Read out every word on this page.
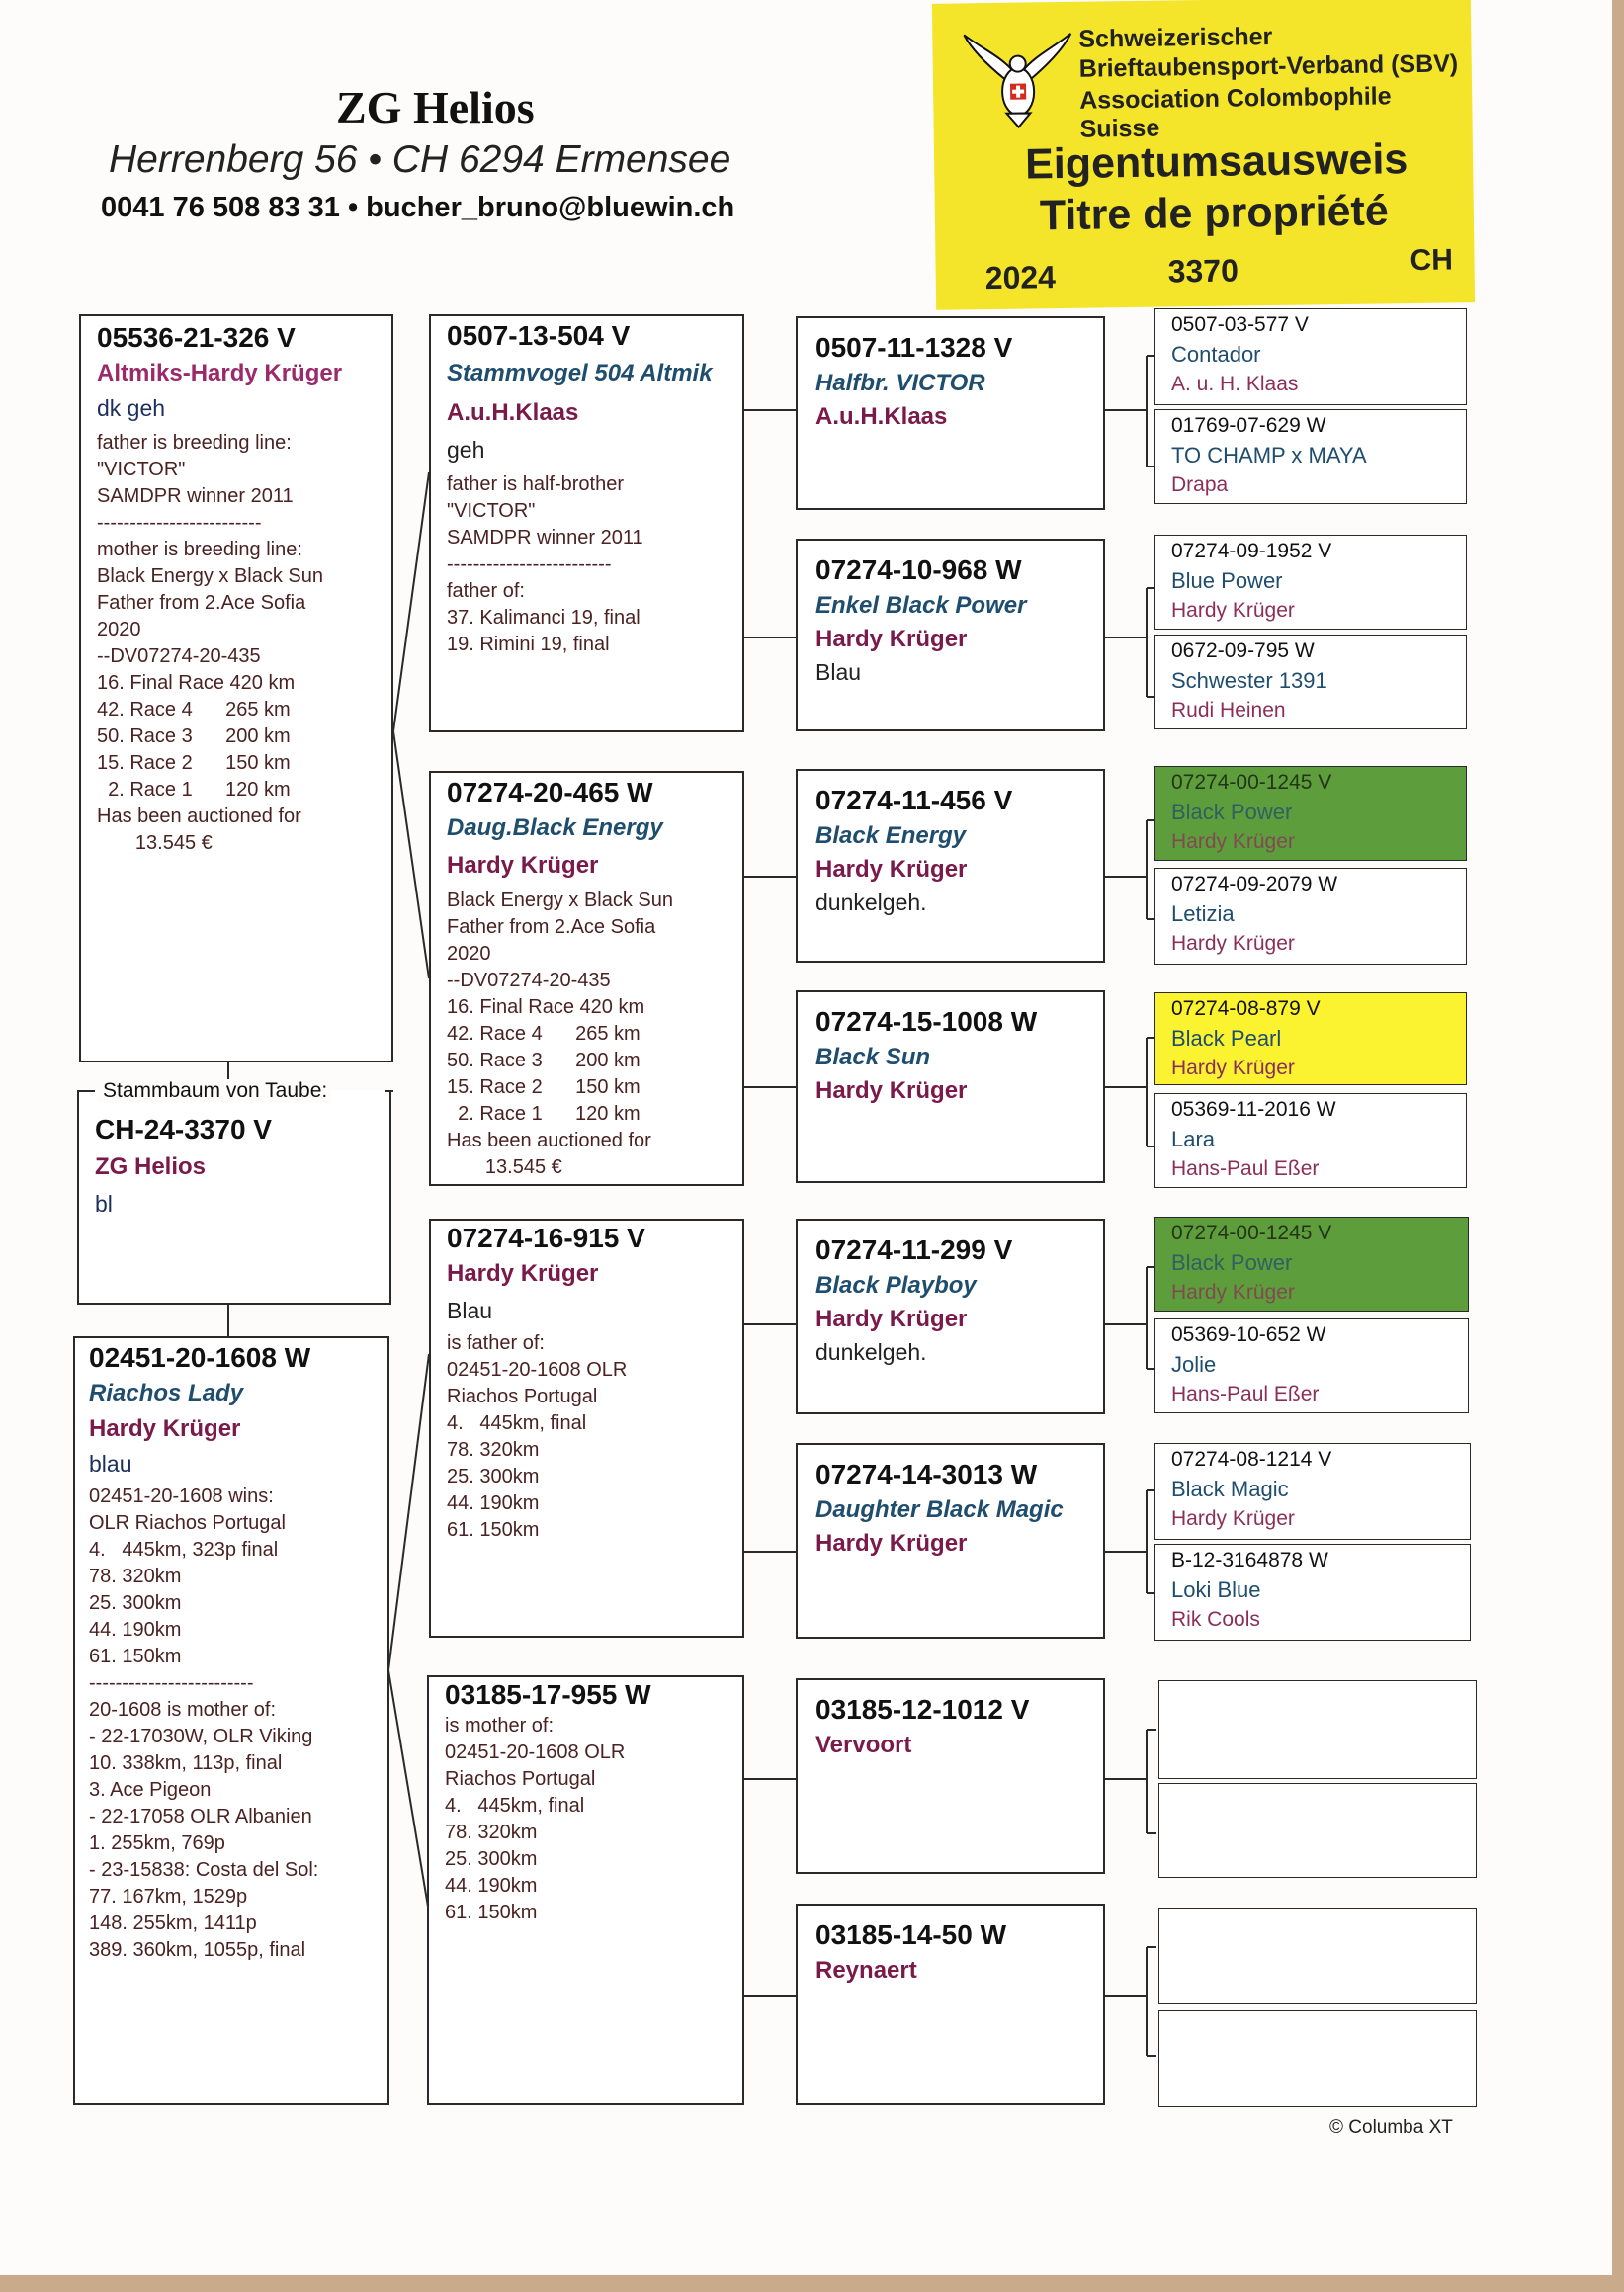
ZG Helios
Herrenberg 56 • CH 6294 Ermensee
0041 76 508 83 31 • bucher_bruno@bluewin.ch
Schweizerischer
Brieftaubensport-Verband (SBV)
Association Colombophile Suisse
Eigentumsausweis
Titre de propriété
2024	3370	CH
05536-21-326 V
Altmiks-Hardy Krüger
dk geh
father is breeding line:
"VICTOR"
SAMDPR winner 2011
-------------------------
mother is breeding line:
Black Energy x Black Sun
Father from 2.Ace Sofia
2020
--DV07274-20-435
16. Final Race 420 km
42. Race 4      265 km
50. Race 3      200 km
15. Race 2      150 km
2. Race 1      120 km
Has been auctioned for
13.545 €
Stammbaum von Taube:
CH-24-3370 V
ZG Helios
bl
02451-20-1608 W
Riachos Lady
Hardy Krüger
blau
02451-20-1608 wins:
OLR Riachos Portugal
4.   445km, 323p final
78. 320km
25. 300km
44. 190km
61. 150km
-------------------------
20-1608 is mother of:
- 22-17030W, OLR Viking
10. 338km, 113p, final
3. Ace Pigeon
- 22-17058 OLR Albanien
1. 255km, 769p
- 23-15838: Costa del Sol:
77. 167km, 1529p
148. 255km, 1411p
389. 360km, 1055p, final
0507-13-504 V
Stammvogel 504 Altmik
A.u.H.Klaas
geh
father is half-brother
"VICTOR"
SAMDPR winner 2011
-------------------------
father of:
37. Kalimanci 19, final
19. Rimini 19, final
07274-20-465 W
Daug.Black Energy
Hardy Krüger
Black Energy x Black Sun
Father from 2.Ace Sofia
2020
--DV07274-20-435
16. Final Race 420 km
42. Race 4      265 km
50. Race 3      200 km
15. Race 2      150 km
2. Race 1      120 km
Has been auctioned for
13.545 €
07274-16-915 V
Hardy Krüger
Blau
is father of:
02451-20-1608 OLR
Riachos Portugal
4.   445km, final
78. 320km
25. 300km
44. 190km
61. 150km
03185-17-955 W
is mother of:
02451-20-1608 OLR
Riachos Portugal
4.   445km, final
78. 320km
25. 300km
44. 190km
61. 150km
0507-11-1328 V
Halfbr. VICTOR
A.u.H.Klaas
07274-10-968 W
Enkel Black Power
Hardy Krüger
Blau
07274-11-456 V
Black Energy
Hardy Krüger
dunkelgeh.
07274-15-1008 W
Black Sun
Hardy Krüger
07274-11-299 V
Black Playboy
Hardy Krüger
dunkelgeh.
07274-14-3013 W
Daughter Black Magic
Hardy Krüger
03185-12-1012 V
Vervoort
03185-14-50 W
Reynaert
0507-03-577 V
Contador
A. u. H. Klaas
01769-07-629 W
TO CHAMP x MAYA
Drapa
07274-09-1952 V
Blue Power
Hardy Krüger
0672-09-795 W
Schwester 1391
Rudi Heinen
07274-00-1245 V
Black Power
Hardy Krüger
07274-09-2079 W
Letizia
Hardy Krüger
07274-08-879 V
Black Pearl
Hardy Krüger
05369-11-2016 W
Lara
Hans-Paul Eßer
07274-00-1245 V
Black Power
Hardy Krüger
05369-10-652 W
Jolie
Hans-Paul Eßer
07274-08-1214 V
Black Magic
Hardy Krüger
B-12-3164878 W
Loki Blue
Rik Cools
© Columba XT
